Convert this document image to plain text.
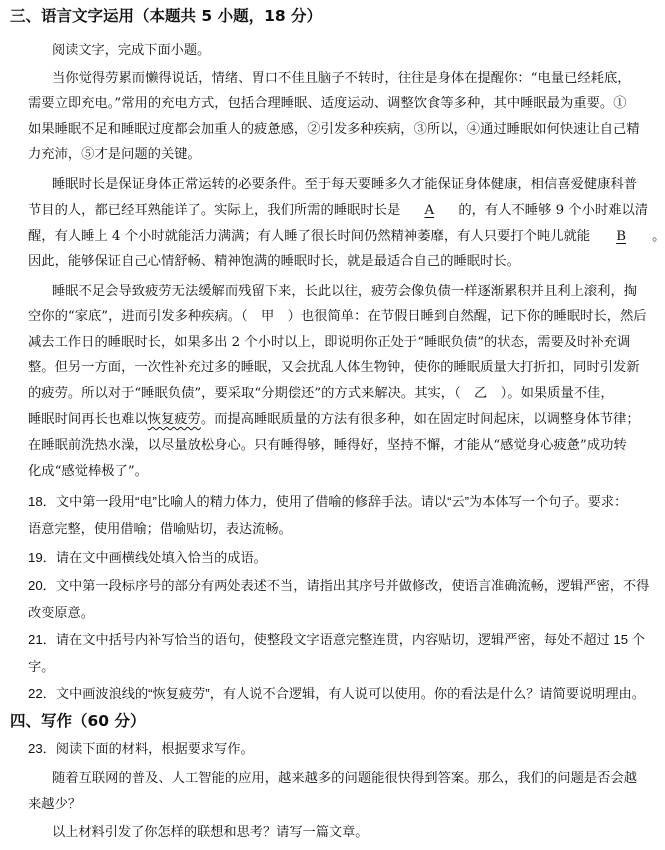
三、语言文字运用（本题共 5 小题，18 分）
阅读文字，完成下面小题。
当你觉得劳累而懒得说话，情绪、胃口不佳且脑子不转时，往往是身体在提醒你：“电量已经耗底，
需要立即充电。”常用的充电方式，包括合理睡眠、适度运动、调整饮食等多种，其中睡眠最为重要。①
如果睡眠不足和睡眠过度都会加重人的疲惫感，②引发多种疾病，③所以，④通过睡眠如何快速让自己精
力充沛，⑤才是问题的关键。
睡眠时长是保证身体正常运转的必要条件。至于每天要睡多久才能保证身体健康，相信喜爱健康科普
节目的人，都已经耳熟能详了。实际上，我们所需的睡眠时长是 A 的，有人不睡够 9 个小时难以清
醒，有人睡上 4 个小时就能活力满满；有人睡了很长时间仍然精神萎靡，有人只要打个盹儿就能 B 。
因此，能够保证自己心情舒畅、精神饱满的睡眠时长，就是最适合自己的睡眠时长。
睡眠不足会导致疲劳无法缓解而残留下来，长此以往，疲劳会像负债一样逐渐累积并且利上滚利，掏
空你的“家底”，进而引发多种疾病。（　甲　）也很简单：在节假日睡到自然醒，记下你的睡眠时长，然后
减去工作日的睡眠时长，如果多出 2 个小时以上，即说明你正处于“睡眠负债”的状态，需要及时补充调
整。但另一方面，一次性补充过多的睡眠，又会扰乱人体生物钟，使你的睡眠质量大打折扣，同时引发新
的疲劳。所以对于“睡眠负债”，要采取“分期偿还”的方式来解决。其实，（　乙　）。如果质量不佳，
睡眠时间再长也难以恢复疲劳。而提高睡眠质量的方法有很多种，如在固定时间起床，以调整身体节律；
在睡眠前洗热水澡，以尽量放松身心。只有睡得够，睡得好，坚持不懈，才能从“感觉身心疲惫”成功转
化成“感觉棒极了”。
18．文中第一段用“电”比喻人的精力体力，使用了借喻的修辞手法。请以“云”为本体写一个句子。要求：
语意完整，使用借喻；借喻贴切，表达流畅。
19．请在文中画横线处填入恰当的成语。
20．文中第一段标序号的部分有两处表述不当，请指出其序号并做修改，使语言准确流畅，逻辑严密，不得
改变原意。
21．请在文中括号内补写恰当的语句，使整段文字语意完整连贯，内容贴切，逻辑严密，每处不超过 15 个
字。
22．文中画波浪线的“恢复疲劳”，有人说不合逻辑，有人说可以使用。你的看法是什么？请简要说明理由。
四、写作（60 分）
23．阅读下面的材料，根据要求写作。
随着互联网的普及、人工智能的应用，越来越多的问题能很快得到答案。那么，我们的问题是否会越
来越少？
以上材料引发了你怎样的联想和思考？请写一篇文章。
